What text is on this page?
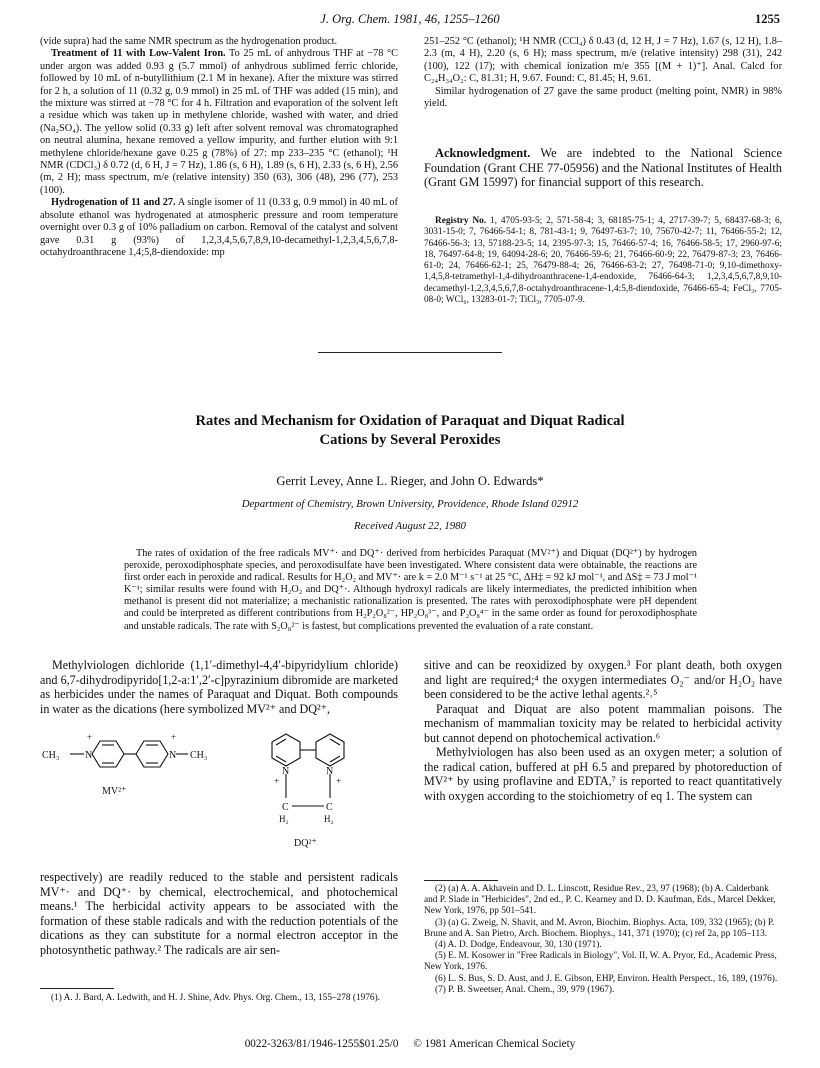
J. Org. Chem. 1981, 46, 1255–1260	1255

(vide supra) had the same NMR spectrum as the hydrogenation product.

Treatment of 11 with Low-Valent Iron. To 25 mL of anhydrous THF at −78 °C under argon was added 0.93 g (5.7 mmol) of anhydrous sublimed ferric chloride, followed by 10 mL of n-butyllithium (2.1 M in hexane). After the mixture was stirred for 2 h, a solution of 11 (0.32 g, 0.9 mmol) in 25 mL of THF was added (15 min), and the mixture was stirred at −78 °C for 4 h. Filtration and evaporation of the solvent left a residue which was taken up in methylene chloride, washed with water, and dried (Na₂SO₄). The yellow solid (0.33 g) left after solvent removal was chromatographed on neutral alumina, hexane removed a yellow impurity, and further elution with 9:1 methylene chloride/hexane gave 0.25 g (78%) of 27: mp 233–235 °C (ethanol); ¹H NMR (CDCl₃) δ 0.72 (d, 6 H, J = 7 Hz), 1.86 (s, 6 H), 1.89 (s, 6 H), 2.33 (s, 6 H), 2.56 (m, 2 H); mass spectrum, m/e (relative intensity) 350 (63), 306 (48), 296 (77), 253 (100).

Hydrogenation of 11 and 27. A single isomer of 11 (0.33 g, 0.9 mmol) in 40 mL of absolute ethanol was hydrogenated at atmospheric pressure and room temperature overnight over 0.3 g of 10% palladium on carbon. Removal of the catalyst and solvent gave 0.31 g (93%) of 1,2,3,4,5,6,7,8,9,10-decamethyl-1,2,3,4,5,6,7,8-octahydroanthracene 1,4;5,8-diendoxide: mp

251–252 °C (ethanol); ¹H NMR (CCl₄) δ 0.43 (d, 12 H, J = 7 Hz), 1.67 (s, 12 H), 1.8–2.3 (m, 4 H), 2.20 (s, 6 H); mass spectrum, m/e (relative intensity) 298 (31), 242 (100), 122 (17); with chemical ionization m/e 355 [(M + 1)⁺]. Anal. Calcd for C₂₄H₃₄O₂: C, 81.31; H, 9.67. Found: C, 81.45; H, 9.61.

Similar hydrogenation of 27 gave the same product (melting point, NMR) in 98% yield.

Acknowledgment. We are indebted to the National Science Foundation (Grant CHE 77-05956) and the National Institutes of Health (Grant GM 15997) for financial support of this research.

Registry No. 1, 4705-93-5; 2, 571-58-4; 3, 68185-75-1; 4, 2717-39-7; 5, 68437-68-3; 6, 3031-15-0; 7, 76466-54-1; 8, 781-43-1; 9, 76497-63-7; 10, 75670-42-7; 11, 76466-55-2; 12, 76466-56-3; 13, 57188-23-5; 14, 2395-97-3; 15, 76466-57-4; 16, 76466-58-5; 17, 2960-97-6; 18, 76497-64-8; 19, 64094-28-6; 20, 76466-59-6; 21, 76466-60-9; 22, 76479-87-3; 23, 76466-61-0; 24, 76466-62-1; 25, 76479-88-4; 26, 76466-63-2; 27, 76498-71-0; 9,10-dimethoxy-1,4,5,8-tetramethyl-1,4-dihydroanthracene-1,4-endoxide, 76466-64-3; 1,2,3,4,5,6,7,8,9,10-decamethyl-1,2,3,4,5,6,7,8-octahydroanthracene-1,4:5,8-diendoxide, 76466-65-4; FeCl₃, 7705-08-0; WCl₆, 13283-01-7; TiCl₃, 7705-07-9.

Rates and Mechanism for Oxidation of Paraquat and Diquat Radical
Cations by Several Peroxides
Gerrit Levey, Anne L. Rieger, and John O. Edwards*
Department of Chemistry, Brown University, Providence, Rhode Island 02912
Received August 22, 1980

The rates of oxidation of the free radicals MV⁺· and DQ⁺· derived from herbicides Paraquat (MV²⁺) and Diquat (DQ²⁺) by hydrogen peroxide, peroxodiphosphate species, and peroxodisulfate have been investigated. Where consistent data were obtainable, the reactions are first order each in peroxide and radical. Results for H₂O₂ and MV⁺· are k = 2.0 M⁻¹ s⁻¹ at 25 °C, ΔH‡ = 92 kJ mol⁻¹, and ΔS‡ = 73 J mol⁻¹ K⁻¹; similar results were found with H₂O₂ and DQ⁺·. Although hydroxyl radicals are likely intermediates, the predicted inhibition when methanol is present did not materialize; a mechanistic rationalization is presented. The rates with peroxodiphosphate were pH dependent and could be interpreted as different contributions from H₂P₂O₈²⁻, HP₂O₈³⁻, and P₂O₈⁴⁻ in the same order as found for peroxodiphosphate and unstable radicals. The rate with S₂O₈²⁻ is fastest, but complications prevented the evaluation of a rate constant.

Methylviologen dichloride (1,1′-dimethyl-4,4′-bipyridylium chloride) and 6,7-dihydrodipyrido[1,2-a:1′,2′-c]pyrazinium dibromide are marketed as herbicides under the names of Paraquat and Diquat. Both compounds in water as the dications (here symbolized MV²⁺ and DQ²⁺,

CH₃	N
+
N
+
CH₃
MV²⁺
N
+
N
+
C	C
H₂	H₂
DQ²⁺

respectively) are readily reduced to the stable and persistent radicals MV⁺· and DQ⁺· by chemical, electrochemical, and photochemical means.¹ The herbicidal activity appears to be associated with the formation of these stable radicals and with the reduction potentials of the dications as they can substitute for a normal electron acceptor in the photosynthetic pathway.² The radicals are air sen-

(1) A. J. Bard, A. Ledwith, and H. J. Shine, Adv. Phys. Org. Chem., 13, 155–278 (1976).

sitive and can be reoxidized by oxygen.³ For plant death, both oxygen and light are required;⁴ the oxygen intermediates O₂⁻ and/or H₂O₂ have been considered to be the active lethal agents.²˒⁵

Paraquat and Diquat are also potent mammalian poisons. The mechanism of mammalian toxicity may be related to herbicidal activity but cannot depend on photochemical activation.⁶

Methylviologen has also been used as an oxygen meter; a solution of the radical cation, buffered at pH 6.5 and prepared by photoreduction of MV²⁺ by using proflavine and EDTA,⁷ is reported to react quantitatively with oxygen according to the stoichiometry of eq 1. The system can

(2) (a) A. A. Akhavein and D. L. Linscott, Residue Rev., 23, 97 (1968); (b) A. Calderbank and P. Slade in "Herbicides", 2nd ed., P. C. Kearney and D. D. Kaufman, Eds., Marcel Dekker, New York, 1976, pp 501–541.

(3) (a) G. Zweig, N. Shavit, and M. Avron, Biochim. Biophys. Acta, 109, 332 (1965); (b) P. Brune and A. San Pietro, Arch. Biochem. Biophys., 141, 371 (1970); (c) ref 2a, pp 105–113.

(4) A. D. Dodge, Endeavour, 30, 130 (1971).

(5) E. M. Kosower in "Free Radicals in Biology", Vol. II, W. A. Pryor, Ed., Academic Press, New York, 1976.

(6) L. S. Bus, S. D. Aust, and J. E. Gibson, EHP, Environ. Health Perspect., 16, 189, (1976).

(7) P. B. Sweetser, Anal. Chem., 39, 979 (1967).

0022-3263/81/1946-1255$01.25/0 © 1981 American Chemical Society
